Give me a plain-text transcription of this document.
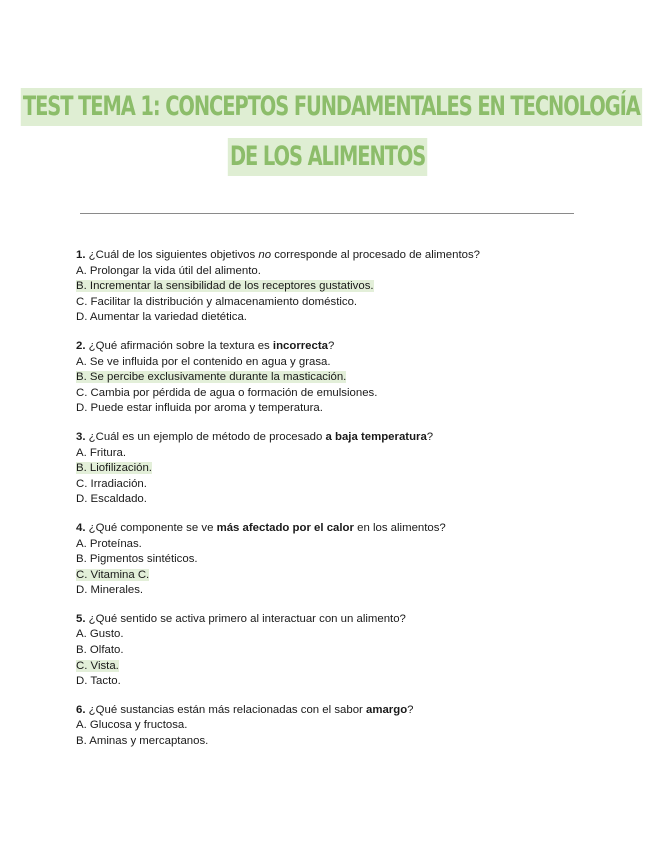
TEST TEMA 1: CONCEPTOS FUNDAMENTALES EN TECNOLOGÍA
DE LOS ALIMENTOS

1. ¿Cuál de los siguientes objetivos no corresponde al procesado de alimentos?

A. Prolongar la vida útil del alimento.

B. Incrementar la sensibilidad de los receptores gustativos.

C. Facilitar la distribución y almacenamiento doméstico.

D. Aumentar la variedad dietética.

2. ¿Qué afirmación sobre la textura es incorrecta?

A. Se ve influida por el contenido en agua y grasa.

B. Se percibe exclusivamente durante la masticación.

C. Cambia por pérdida de agua o formación de emulsiones.

D. Puede estar influida por aroma y temperatura.

3. ¿Cuál es un ejemplo de método de procesado a baja temperatura?

A. Fritura.

B. Liofilización.

C. Irradiación.

D. Escaldado.

4. ¿Qué componente se ve más afectado por el calor en los alimentos?

A. Proteínas.

B. Pigmentos sintéticos.

C. Vitamina C.

D. Minerales.

5. ¿Qué sentido se activa primero al interactuar con un alimento?

A. Gusto.

B. Olfato.

C. Vista.

D. Tacto.

6. ¿Qué sustancias están más relacionadas con el sabor amargo?

A. Glucosa y fructosa.

B. Aminas y mercaptanos.
